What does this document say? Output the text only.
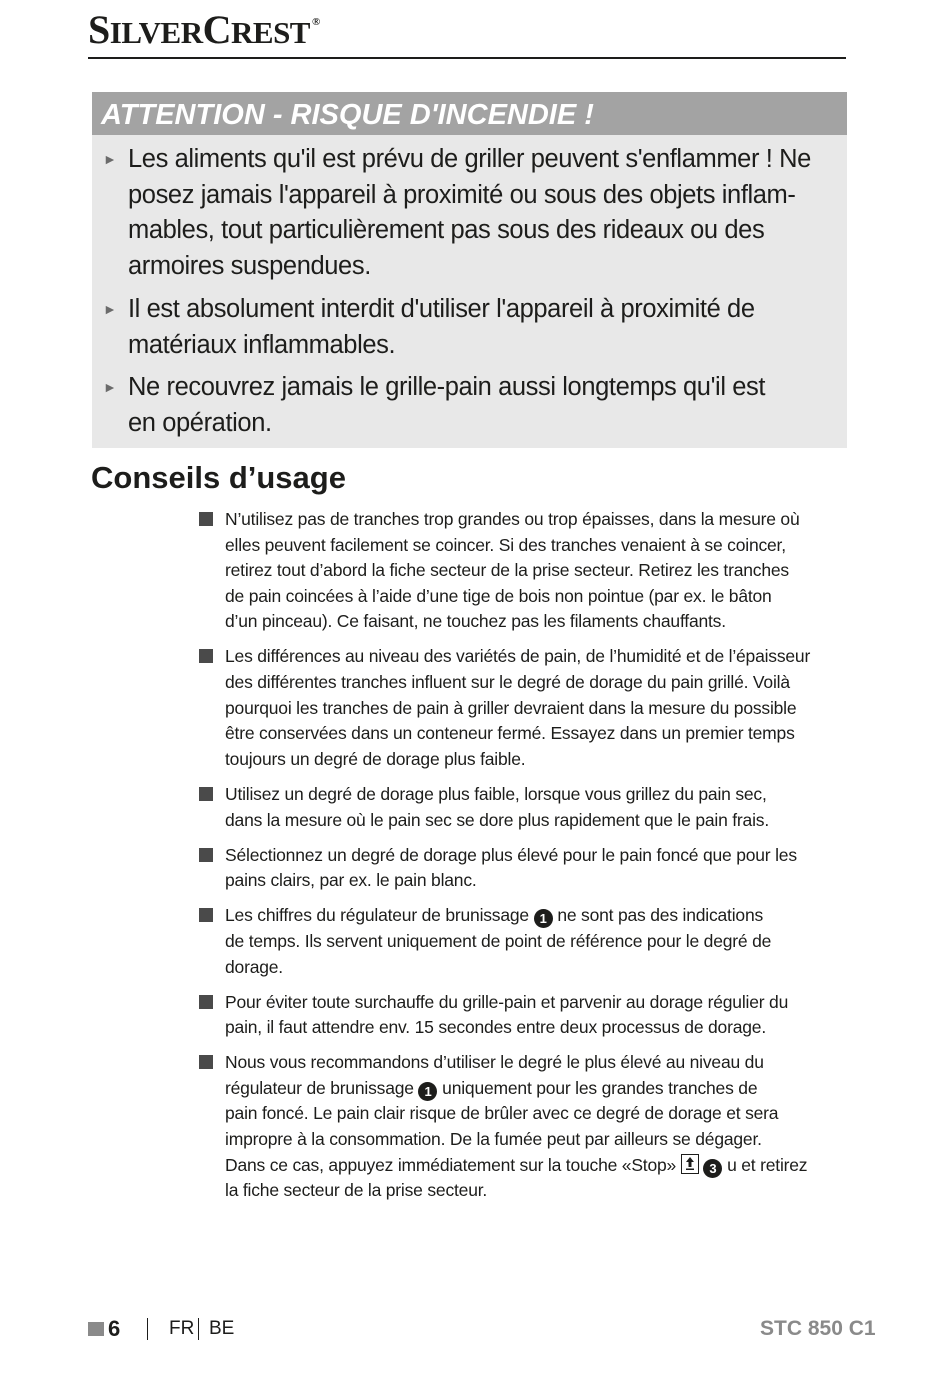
SILVERCREST ®
ATTENTION - RISQUE D'INCENDIE !
► Les aliments qu'il est prévu de griller peuvent s'enflammer ! Ne
posez jamais l'appareil à proximité ou sous des objets inflam-
mables, tout particulièrement pas sous des rideaux ou des
armoires suspendues.
► Il est absolument interdit d'utiliser l'appareil à proximité de
matériaux inflammables.
► Ne recouvrez jamais le grille-pain aussi longtemps qu'il est
en opération.
Conseils d’usage
N’utilisez pas de tranches trop grandes ou trop épaisses, dans la mesure où
elles peuvent facilement se coincer. Si des tranches venaient à se coincer,
retirez tout d’abord la fiche secteur de la prise secteur. Retirez les tranches
de pain coincées à l’aide d’une tige de bois non pointue (par ex. le bâton
d’un pinceau). Ce faisant, ne touchez pas les filaments chauffants.
Les différences au niveau des variétés de pain, de l’humidité et de l’épaisseur
des différentes tranches influent sur le degré de dorage du pain grillé. Voilà
pourquoi les tranches de pain à griller devraient dans la mesure du possible
être conservées dans un conteneur fermé. Essayez dans un premier temps
toujours un degré de dorage plus faible.
Utilisez un degré de dorage plus faible, lorsque vous grillez du pain sec,
dans la mesure où le pain sec se dore plus rapidement que le pain frais.
Sélectionnez un degré de dorage plus élevé pour le pain foncé que pour les
pains clairs, par ex. le pain blanc.
Les chiffres du régulateur de brunissage 1 ne sont pas des indications
de temps. Ils servent uniquement de point de référence pour le degré de
dorage.
Pour éviter toute surchauffe du grille-pain et parvenir au dorage régulier du
pain, il faut attendre env. 15 secondes entre deux processus de dorage.
Nous vous recommandons d’utiliser le degré le plus élevé au niveau du
régulateur de brunissage 1 uniquement pour les grandes tranches de
pain foncé. Le pain clair risque de brûler avec ce degré de dorage et sera
impropre à la consommation. De la fumée peut par ailleurs se dégager.
Dans ce cas, appuyez immédiatement sur la touche «Stop»	3 u et retirez
la fiche secteur de la prise secteur.
6	FR BE	STC 850 C1
